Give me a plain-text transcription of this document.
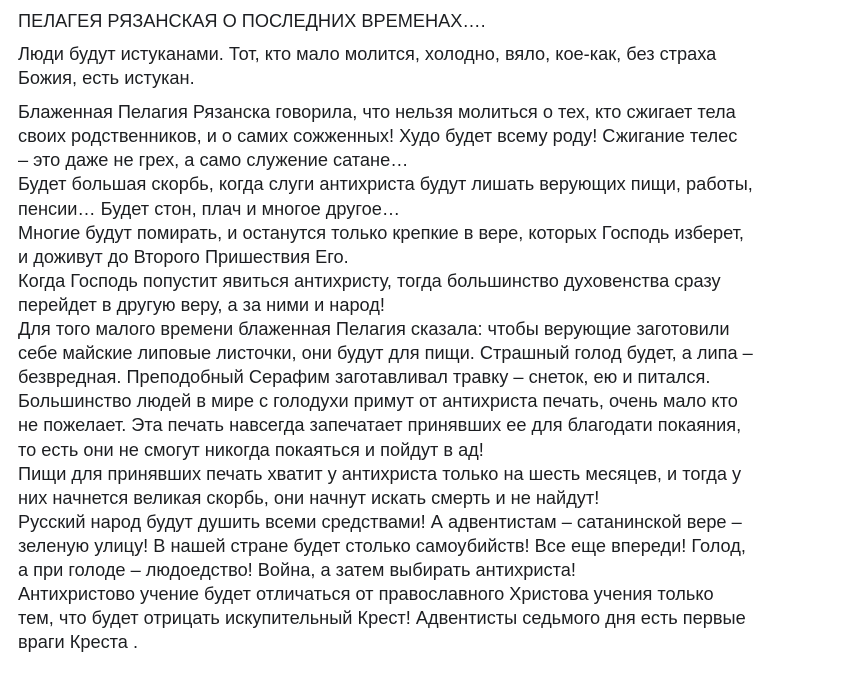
ПЕЛАГЕЯ РЯЗАНСКАЯ О ПОСЛЕДНИХ ВРЕМЕНАХ….
Люди будут истуканами. Тот, кто мало молится, холодно, вяло, кое-как, без страха
Божия, есть истукан.
Блаженная Пелагия Рязанска говорила, что нельзя молиться о тех, кто сжигает тела
своих родственников, и о самих сожженных! Худо будет всему роду! Сжигание телес
– это даже не грех, а само служение сатане…
Будет большая скорбь, когда слуги антихриста будут лишать верующих пищи, работы,
пенсии… Будет стон, плач и многое другое…
Многие будут помирать, и останутся только крепкие в вере, которых Господь изберет,
и доживут до Второго Пришествия Его.
Когда Господь попустит явиться антихристу, тогда большинство духовенства сразу
перейдет в другую веру, а за ними и народ!
Для того малого времени блаженная Пелагия сказала: чтобы верующие заготовили
себе майские липовые листочки, они будут для пищи. Страшный голод будет, а липа –
безвредная. Преподобный Серафим заготавливал травку – снеток, ею и питался.
Большинство людей в мире с голодухи примут от антихриста печать, очень мало кто
не пожелает. Эта печать навсегда запечатает принявших ее для благодати покаяния,
то есть они не смогут никогда покаяться и пойдут в ад!
Пищи для принявших печать хватит у антихриста только на шесть месяцев, и тогда у
них начнется великая скорбь, они начнут искать смерть и не найдут!
Русский народ будут душить всеми средствами! А адвентистам – сатанинской вере –
зеленую улицу! В нашей стране будет столько самоубийств! Все еще впереди! Голод,
а при голоде – людоедство! Война, а затем выбирать антихриста!
Антихристово учение будет отличаться от православного Христова учения только
тем, что будет отрицать искупительный Крест! Адвентисты седьмого дня есть первые
враги Креста .
